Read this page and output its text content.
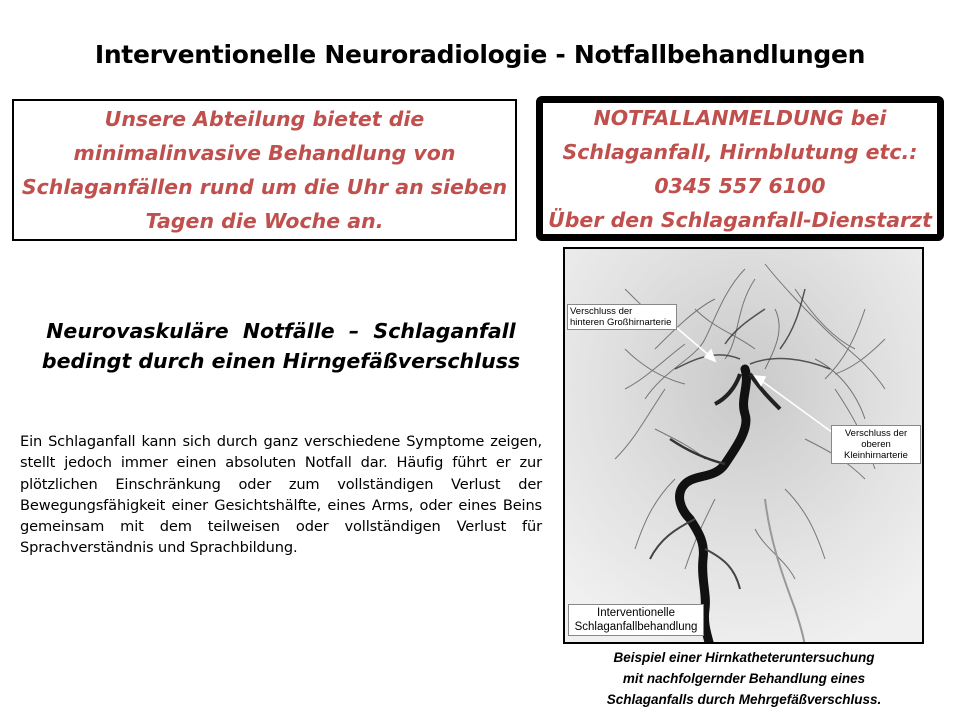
Interventionelle Neuroradiologie - Notfallbehandlungen
Unsere Abteilung bietet die
minimalinvasive Behandlung von
Schlaganfällen rund um die Uhr an sieben
Tagen die Woche an.
NOTFALLANMELDUNG bei
Schlaganfall, Hirnblutung etc.:
0345 557 6100
Über den Schlaganfall-Dienstarzt
Neurovaskuläre  Notfälle  –  Schlaganfall
bedingt durch einen Hirngefäßverschluss
Ein Schlaganfall kann sich durch ganz verschiedene Symptome zeigen, stellt jedoch immer einen absoluten Notfall dar. Häufig führt er zur plötzlichen Einschränkung oder zum vollständigen Verlust der Bewegungsfähigkeit einer Gesichtshälfte, eines Arms, oder eines Beins gemeinsam mit dem teilweisen oder vollständigen Verlust für Sprachverständnis und Sprachbildung.
Verschluss der
hinteren Großhirnarterie
Verschluss der
oberen
Kleinhirnarterie
Interventionelle
Schlaganfallbehandlung
Beispiel einer Hirnkatheteruntersuchung
mit nachfolgernder Behandlung eines
Schlaganfalls durch Mehrgefäßverschluss.
